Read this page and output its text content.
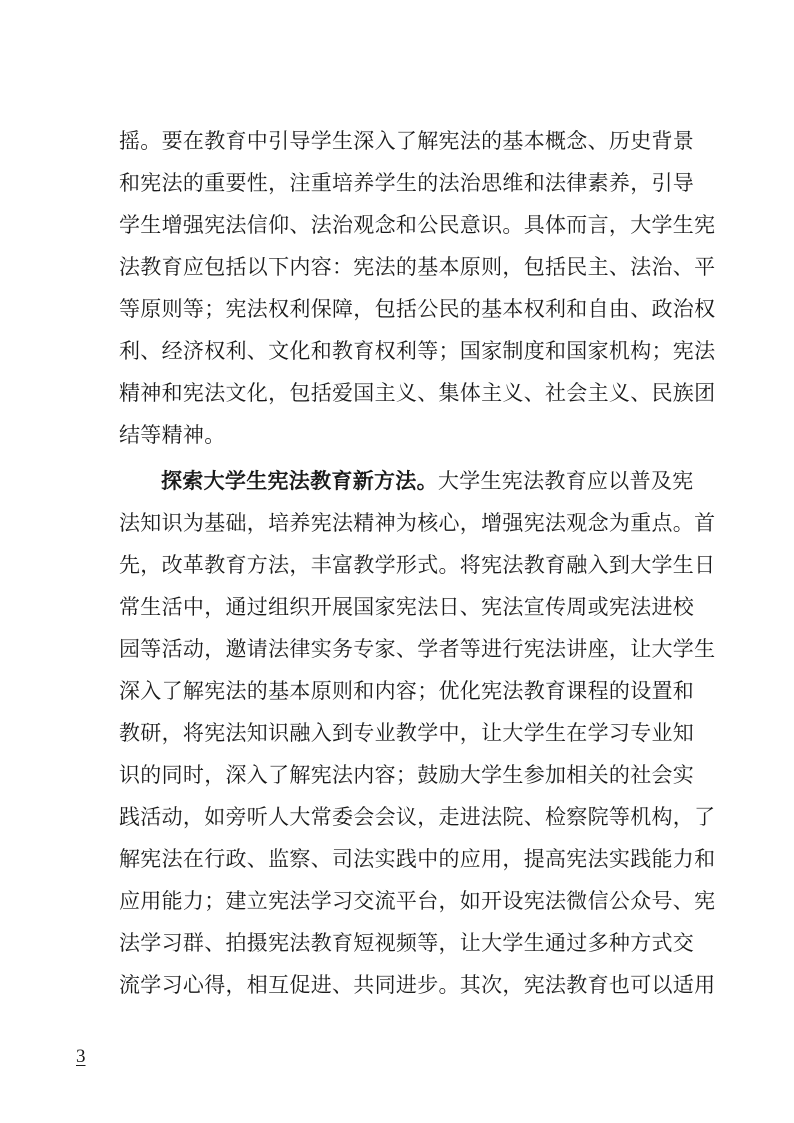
摇。要在教育中引导学生深入了解宪法的基本概念、历史背景
和宪法的重要性，注重培养学生的法治思维和法律素养，引导
学生增强宪法信仰、法治观念和公民意识。具体而言，大学生宪
法教育应包括以下内容：宪法的基本原则，包括民主、法治、平
等原则等；宪法权利保障，包括公民的基本权利和自由、政治权
利、经济权利、文化和教育权利等；国家制度和国家机构；宪法
精神和宪法文化，包括爱国主义、集体主义、社会主义、民族团
结等精神。
探索大学生宪法教育新方法。大学生宪法教育应以普及宪
法知识为基础，培养宪法精神为核心，增强宪法观念为重点。首
先，改革教育方法，丰富教学形式。将宪法教育融入到大学生日
常生活中，通过组织开展国家宪法日、宪法宣传周或宪法进校
园等活动，邀请法律实务专家、学者等进行宪法讲座，让大学生
深入了解宪法的基本原则和内容；优化宪法教育课程的设置和
教研，将宪法知识融入到专业教学中，让大学生在学习专业知
识的同时，深入了解宪法内容；鼓励大学生参加相关的社会实
践活动，如旁听人大常委会会议，走进法院、检察院等机构，了
解宪法在行政、监察、司法实践中的应用，提高宪法实践能力和
应用能力；建立宪法学习交流平台，如开设宪法微信公众号、宪
法学习群、拍摄宪法教育短视频等，让大学生通过多种方式交
流学习心得，相互促进、共同进步。其次，宪法教育也可以适用
3
